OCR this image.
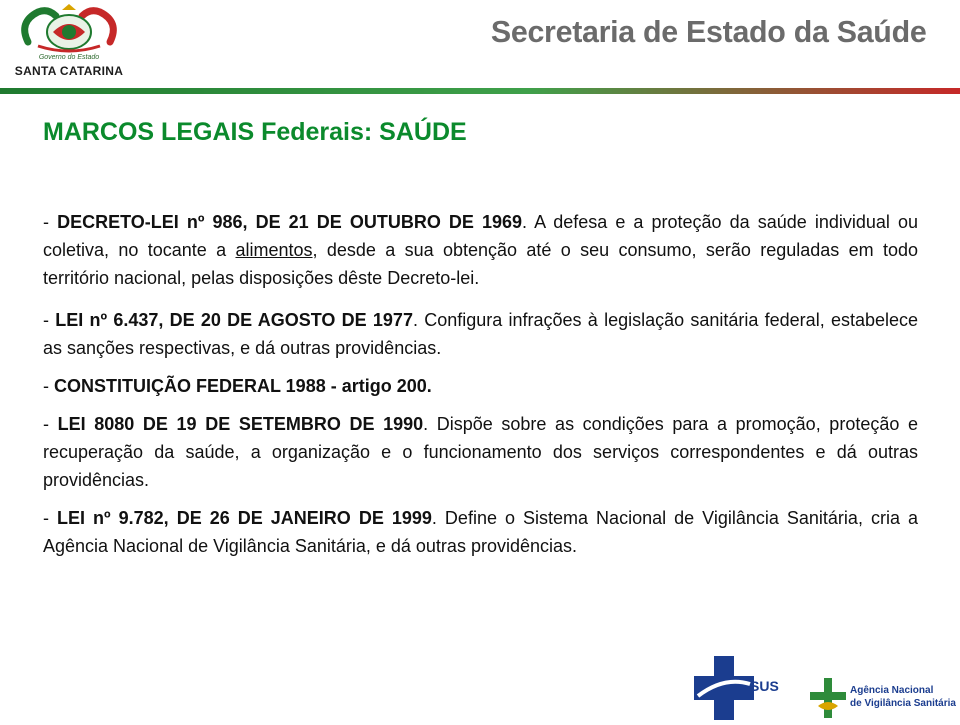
Governo do Estado
SANTA CATARINA
Secretaria de Estado da Saúde
MARCOS LEGAIS Federais: SAÚDE

- DECRETO-LEI nº 986, DE 21 DE OUTUBRO DE 1969. A defesa e a proteção da saúde individual ou coletiva, no tocante a alimentos, desde a sua obtenção até o seu consumo, serão reguladas em todo território nacional, pelas disposições dêste Decreto-lei.

- LEI nº 6.437, DE 20 DE AGOSTO DE 1977. Configura infrações à legislação sanitária federal, estabelece as sanções respectivas, e dá outras providências.

- CONSTITUIÇÃO FEDERAL 1988 - artigo 200.

- LEI 8080 DE 19 DE SETEMBRO DE 1990. Dispõe sobre as condições para a promoção, proteção e recuperação da saúde, a organização e o funcionamento dos serviços correspondentes e dá outras providências.

- LEI nº 9.782, DE 26 DE JANEIRO DE 1999. Define o Sistema Nacional de Vigilância Sanitária, cria a Agência Nacional de Vigilância Sanitária, e dá outras providências.

SUS	Agência Nacional
de Vigilância Sanitária
